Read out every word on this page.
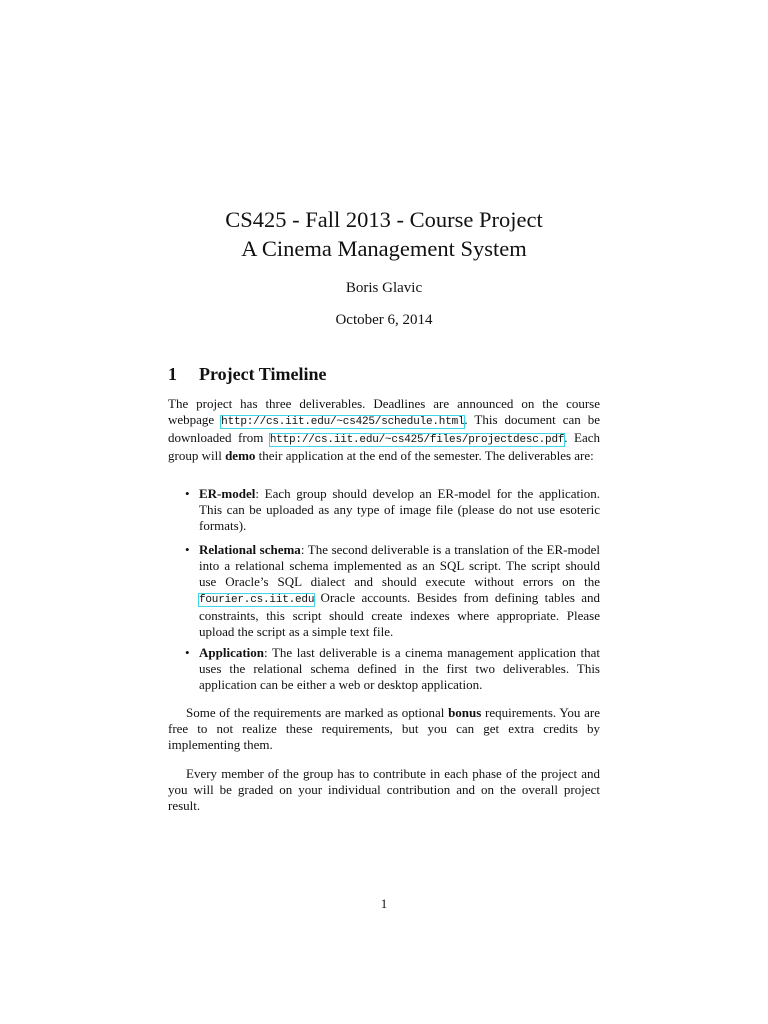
CS425 - Fall 2013 - Course Project
A Cinema Management System
Boris Glavic
October 6, 2014
1 Project Timeline
The project has three deliverables. Deadlines are announced on the course webpage http://cs.iit.edu/~cs425/schedule.html. This document can be downloaded from http://cs.iit.edu/~cs425/files/projectdesc.pdf. Each group will demo their application at the end of the semester. The deliverables are:
• ER-model: Each group should develop an ER-model for the application. This can be uploaded as any type of image file (please do not use esoteric formats).
• Relational schema: The second deliverable is a translation of the ER-model into a relational schema implemented as an SQL script. The script should use Oracle’s SQL dialect and should execute without errors on the fourier.cs.iit.edu Oracle accounts. Besides from defining tables and constraints, this script should create indexes where appropriate. Please upload the script as a simple text file.
• Application: The last deliverable is a cinema management application that uses the relational schema defined in the first two deliverables. This application can be either a web or desktop application.
Some of the requirements are marked as optional bonus requirements. You are free to not realize these requirements, but you can get extra credits by implementing them.
Every member of the group has to contribute in each phase of the project and you will be graded on your individual contribution and on the overall project result.
1
